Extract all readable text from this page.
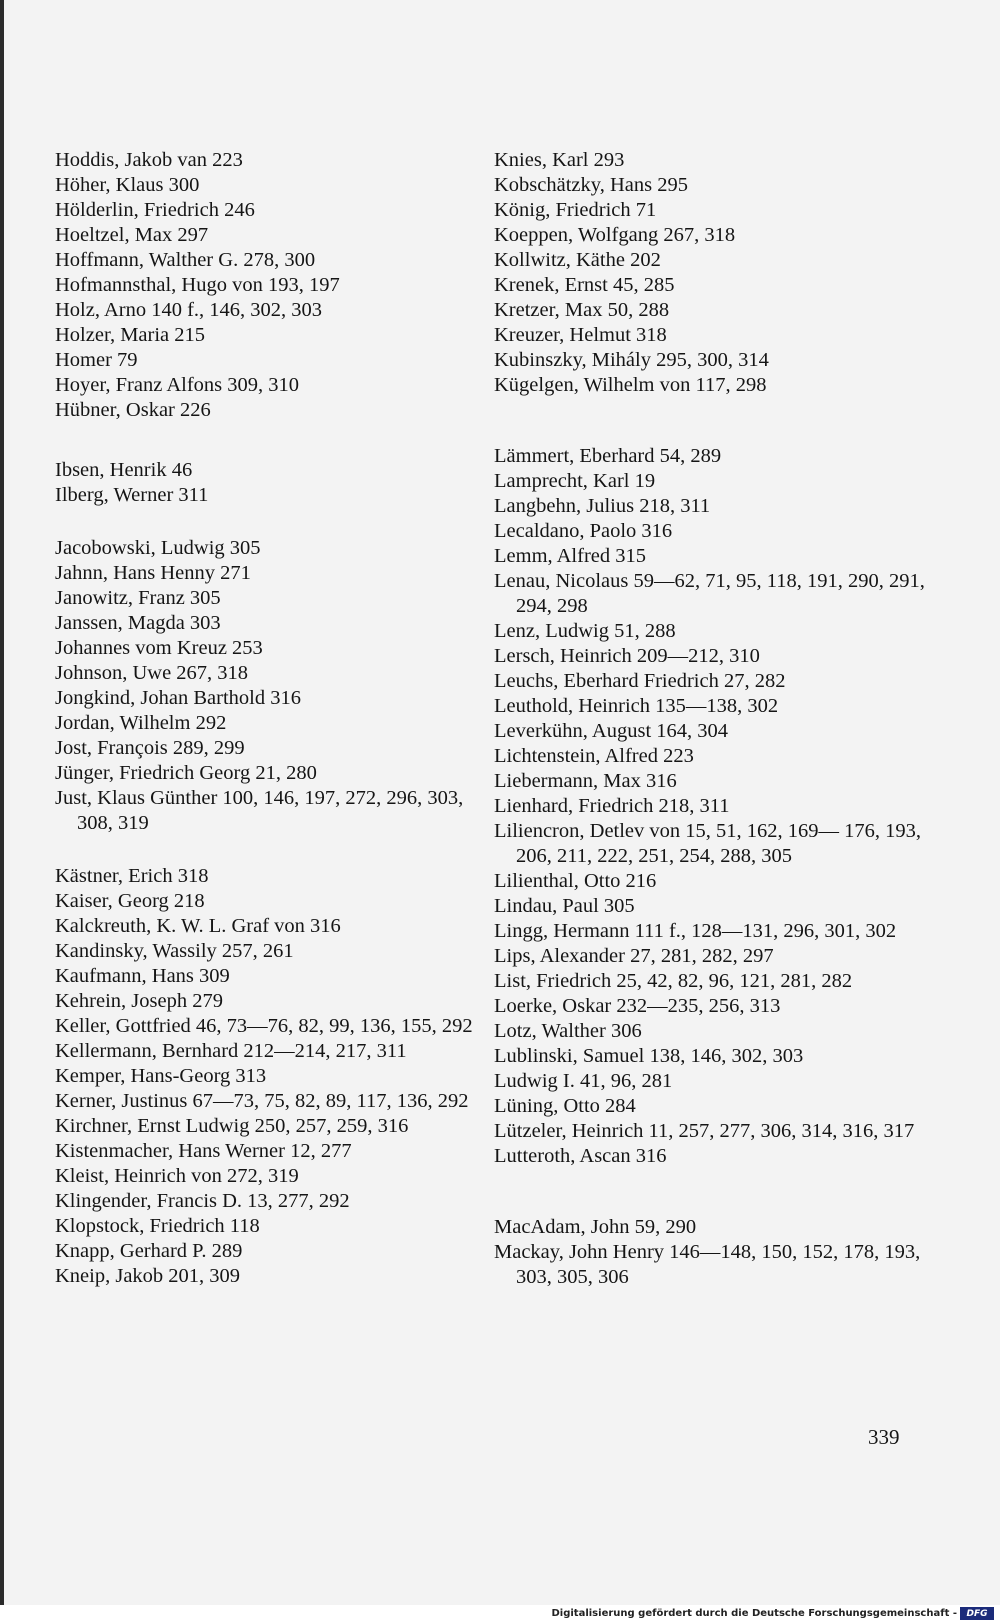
Hoddis, Jakob van 223
Höher, Klaus 300
Hölderlin, Friedrich 246
Hoeltzel, Max 297
Hoffmann, Walther G. 278, 300
Hofmannsthal, Hugo von 193, 197
Holz, Arno 140 f., 146, 302, 303
Holzer, Maria 215
Homer 79
Hoyer, Franz Alfons 309, 310
Hübner, Oskar 226
Ibsen, Henrik 46
Ilberg, Werner 311
Jacobowski, Ludwig 305
Jahnn, Hans Henny 271
Janowitz, Franz 305
Janssen, Magda 303
Johannes vom Kreuz 253
Johnson, Uwe 267, 318
Jongkind, Johan Barthold 316
Jordan, Wilhelm 292
Jost, François 289, 299
Jünger, Friedrich Georg 21, 280
Just, Klaus Günther 100, 146, 197, 272, 296, 303, 308, 319
Kästner, Erich 318
Kaiser, Georg 218
Kalckreuth, K. W. L. Graf von 316
Kandinsky, Wassily 257, 261
Kaufmann, Hans 309
Kehrein, Joseph 279
Keller, Gottfried 46, 73—76, 82, 99, 136, 155, 292
Kellermann, Bernhard 212—214, 217, 311
Kemper, Hans-Georg 313
Kerner, Justinus 67—73, 75, 82, 89, 117, 136, 292
Kirchner, Ernst Ludwig 250, 257, 259, 316
Kistenmacher, Hans Werner 12, 277
Kleist, Heinrich von 272, 319
Klingender, Francis D. 13, 277, 292
Klopstock, Friedrich 118
Knapp, Gerhard P. 289
Kneip, Jakob 201, 309
Knies, Karl 293
Kobschätzky, Hans 295
König, Friedrich 71
Koeppen, Wolfgang 267, 318
Kollwitz, Käthe 202
Krenek, Ernst 45, 285
Kretzer, Max 50, 288
Kreuzer, Helmut 318
Kubinszky, Mihály 295, 300, 314
Kügelgen, Wilhelm von 117, 298
Lämmert, Eberhard 54, 289
Lamprecht, Karl 19
Langbehn, Julius 218, 311
Lecaldano, Paolo 316
Lemm, Alfred 315
Lenau, Nicolaus 59—62, 71, 95, 118, 191, 290, 291, 294, 298
Lenz, Ludwig 51, 288
Lersch, Heinrich 209—212, 310
Leuchs, Eberhard Friedrich 27, 282
Leuthold, Heinrich 135—138, 302
Leverkühn, August 164, 304
Lichtenstein, Alfred 223
Liebermann, Max 316
Lienhard, Friedrich 218, 311
Liliencron, Detlev von 15, 51, 162, 169— 176, 193, 206, 211, 222, 251, 254, 288, 305
Lilienthal, Otto 216
Lindau, Paul 305
Lingg, Hermann 111 f., 128—131, 296, 301, 302
Lips, Alexander 27, 281, 282, 297
List, Friedrich 25, 42, 82, 96, 121, 281, 282
Loerke, Oskar 232—235, 256, 313
Lotz, Walther 306
Lublinski, Samuel 138, 146, 302, 303
Ludwig I. 41, 96, 281
Lüning, Otto 284
Lützeler, Heinrich 11, 257, 277, 306, 314, 316, 317
Lutteroth, Ascan 316
MacAdam, John 59, 290
Mackay, John Henry 146—148, 150, 152, 178, 193, 303, 305, 306
339
Digitalisierung gefördert durch die Deutsche Forschungsgemeinschaft -	DFG
